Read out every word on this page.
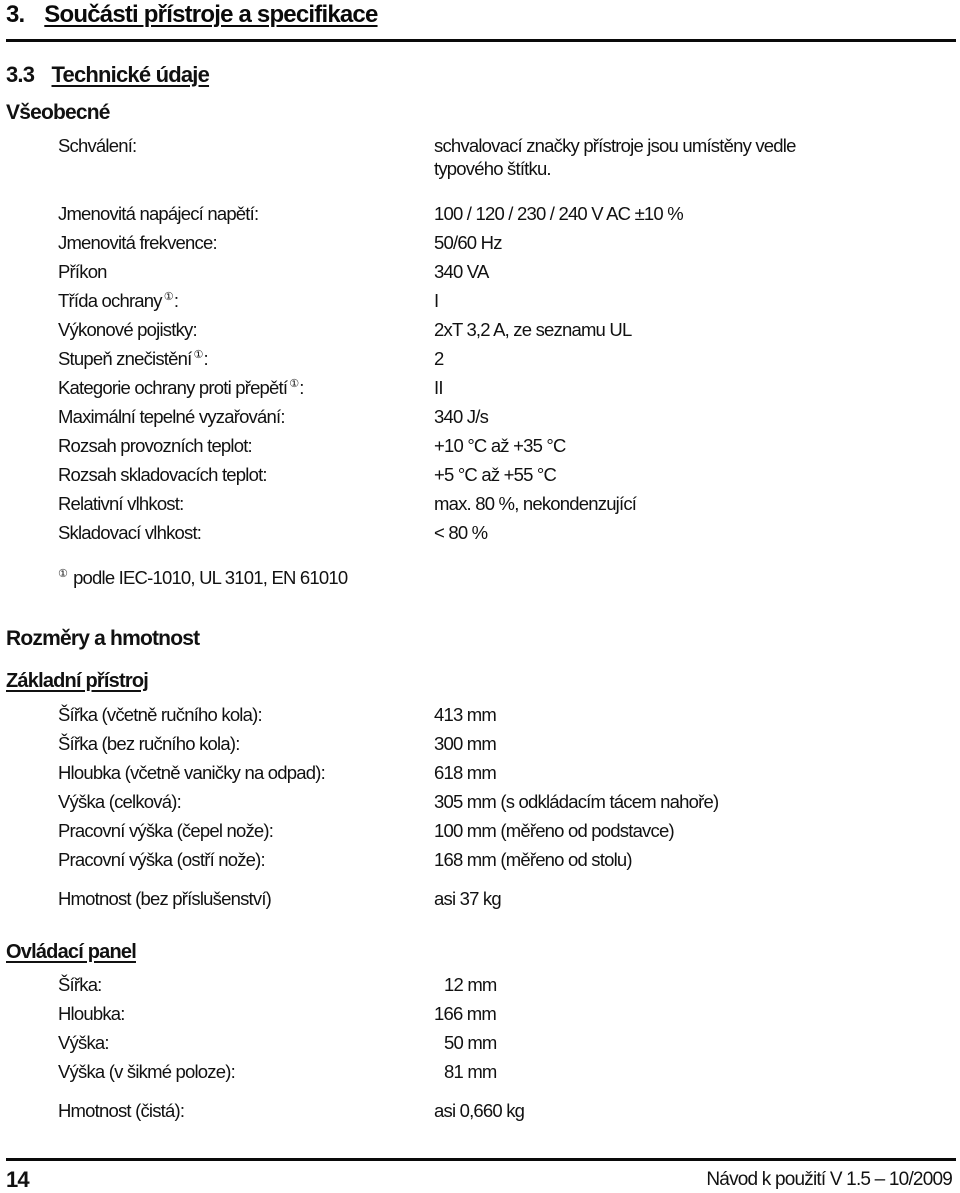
3. Součásti přístroje a specifikace
3.3 Technické údaje
Všeobecné
Schválení:	schvalovací značky přístroje jsou umístěny vedle
typového štítku.
Jmenovitá napájecí napětí:	100 / 120 / 230 / 240 V AC ±10 %
Jmenovitá frekvence:	50/60 Hz
Příkon	340 VA
Třída ochrany ①:	I
Výkonové pojistky:	2xT 3,2 A, ze seznamu UL
Stupeň znečistění ①:	2
Kategorie ochrany proti přepětí ①:	II
Maximální tepelné vyzařování:	340 J/s
Rozsah provozních teplot:	+10 °C až +35 °C
Rozsah skladovacích teplot:	+5 °C až +55 °C
Relativní vlhkost:	max. 80 %, nekondenzující
Skladovací vlhkost:	< 80 %
① podle IEC-1010, UL 3101, EN 61010
Rozměry a hmotnost
Základní přístroj
Šířka (včetně ručního kola):	413 mm
Šířka (bez ručního kola):	300 mm
Hloubka (včetně vaničky na odpad):	618 mm
Výška (celková):	305 mm (s odkládacím tácem nahoře)
Pracovní výška (čepel nože):	100 mm (měřeno od podstavce)
Pracovní výška (ostří nože):	168 mm (měřeno od stolu)
Hmotnost (bez příslušenství)	asi 37 kg
Ovládací panel
Šířka:	12 mm
Hloubka:	166 mm
Výška:	50 mm
Výška (v šikmé poloze):	81 mm
Hmotnost (čistá):	asi 0,660 kg
14	Návod k použití V 1.5 – 10/2009
